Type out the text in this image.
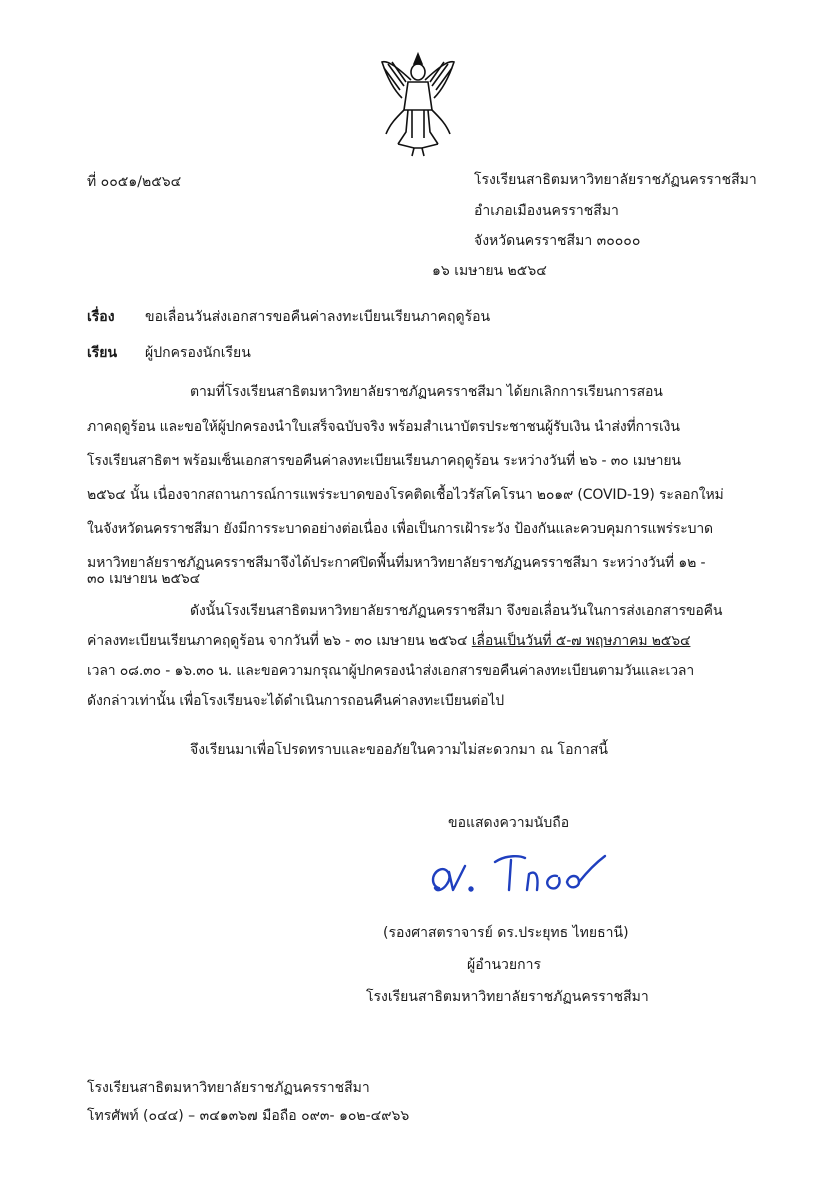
ที่ ๐๐๕๑/๒๕๖๔	โรงเรียนสาธิตมหาวิทยาลัยราชภัฏนครราชสีมา
อำเภอเมืองนครราชสีมา
จังหวัดนครราชสีมา ๓๐๐๐๐
๑๖ เมษายน ๒๕๖๔
เรื่อง ขอเลื่อนวันส่งเอกสารขอคืนค่าลงทะเบียนเรียนภาคฤดูร้อน
เรียน ผู้ปกครองนักเรียน
ตามที่โรงเรียนสาธิตมหาวิทยาลัยราชภัฏนครราชสีมา ได้ยกเลิกการเรียนการสอน
ภาคฤดูร้อน และขอให้ผู้ปกครองนำใบเสร็จฉบับจริง พร้อมสำเนาบัตรประชาชนผู้รับเงิน นำส่งที่การเงิน
โรงเรียนสาธิตฯ พร้อมเซ็นเอกสารขอคืนค่าลงทะเบียนเรียนภาคฤดูร้อน ระหว่างวันที่ ๒๖ - ๓๐ เมษายน
๒๕๖๔ นั้น เนื่องจากสถานการณ์การแพร่ระบาดของโรคติดเชื้อไวรัสโคโรนา ๒๐๑๙ (COVID-19) ระลอกใหม่
ในจังหวัดนครราชสีมา ยังมีการระบาดอย่างต่อเนื่อง เพื่อเป็นการเฝ้าระวัง ป้องกันและควบคุมการแพร่ระบาด
มหาวิทยาลัยราชภัฏนครราชสีมาจึงได้ประกาศปิดพื้นที่มหาวิทยาลัยราชภัฏนครราชสีมา ระหว่างวันที่ ๑๒ -
๓๐ เมษายน ๒๕๖๔
ดังนั้นโรงเรียนสาธิตมหาวิทยาลัยราชภัฏนครราชสีมา จึงขอเลื่อนวันในการส่งเอกสารขอคืน
ค่าลงทะเบียนเรียนภาคฤดูร้อน จากวันที่ ๒๖ - ๓๐ เมษายน ๒๕๖๔ เลื่อนเป็นวันที่ ๕-๗ พฤษภาคม ๒๕๖๔
เวลา ๐๘.๓๐ - ๑๖.๓๐ น. และขอความกรุณาผู้ปกครองนำส่งเอกสารขอคืนค่าลงทะเบียนตามวันและเวลา
ดังกล่าวเท่านั้น เพื่อโรงเรียนจะได้ดำเนินการถอนคืนค่าลงทะเบียนต่อไป
จึงเรียนมาเพื่อโปรดทราบและขออภัยในความไม่สะดวกมา ณ โอกาสนี้
ขอแสดงความนับถือ
(รองศาสตราจารย์ ดร.ประยุทธ ไทยธานี)
ผู้อำนวยการ
โรงเรียนสาธิตมหาวิทยาลัยราชภัฏนครราชสีมา
โรงเรียนสาธิตมหาวิทยาลัยราชภัฏนครราชสีมา
โทรศัพท์ (๐๔๔) – ๓๔๑๓๖๗ มือถือ ๐๙๓- ๑๐๒-๔๙๖๖
